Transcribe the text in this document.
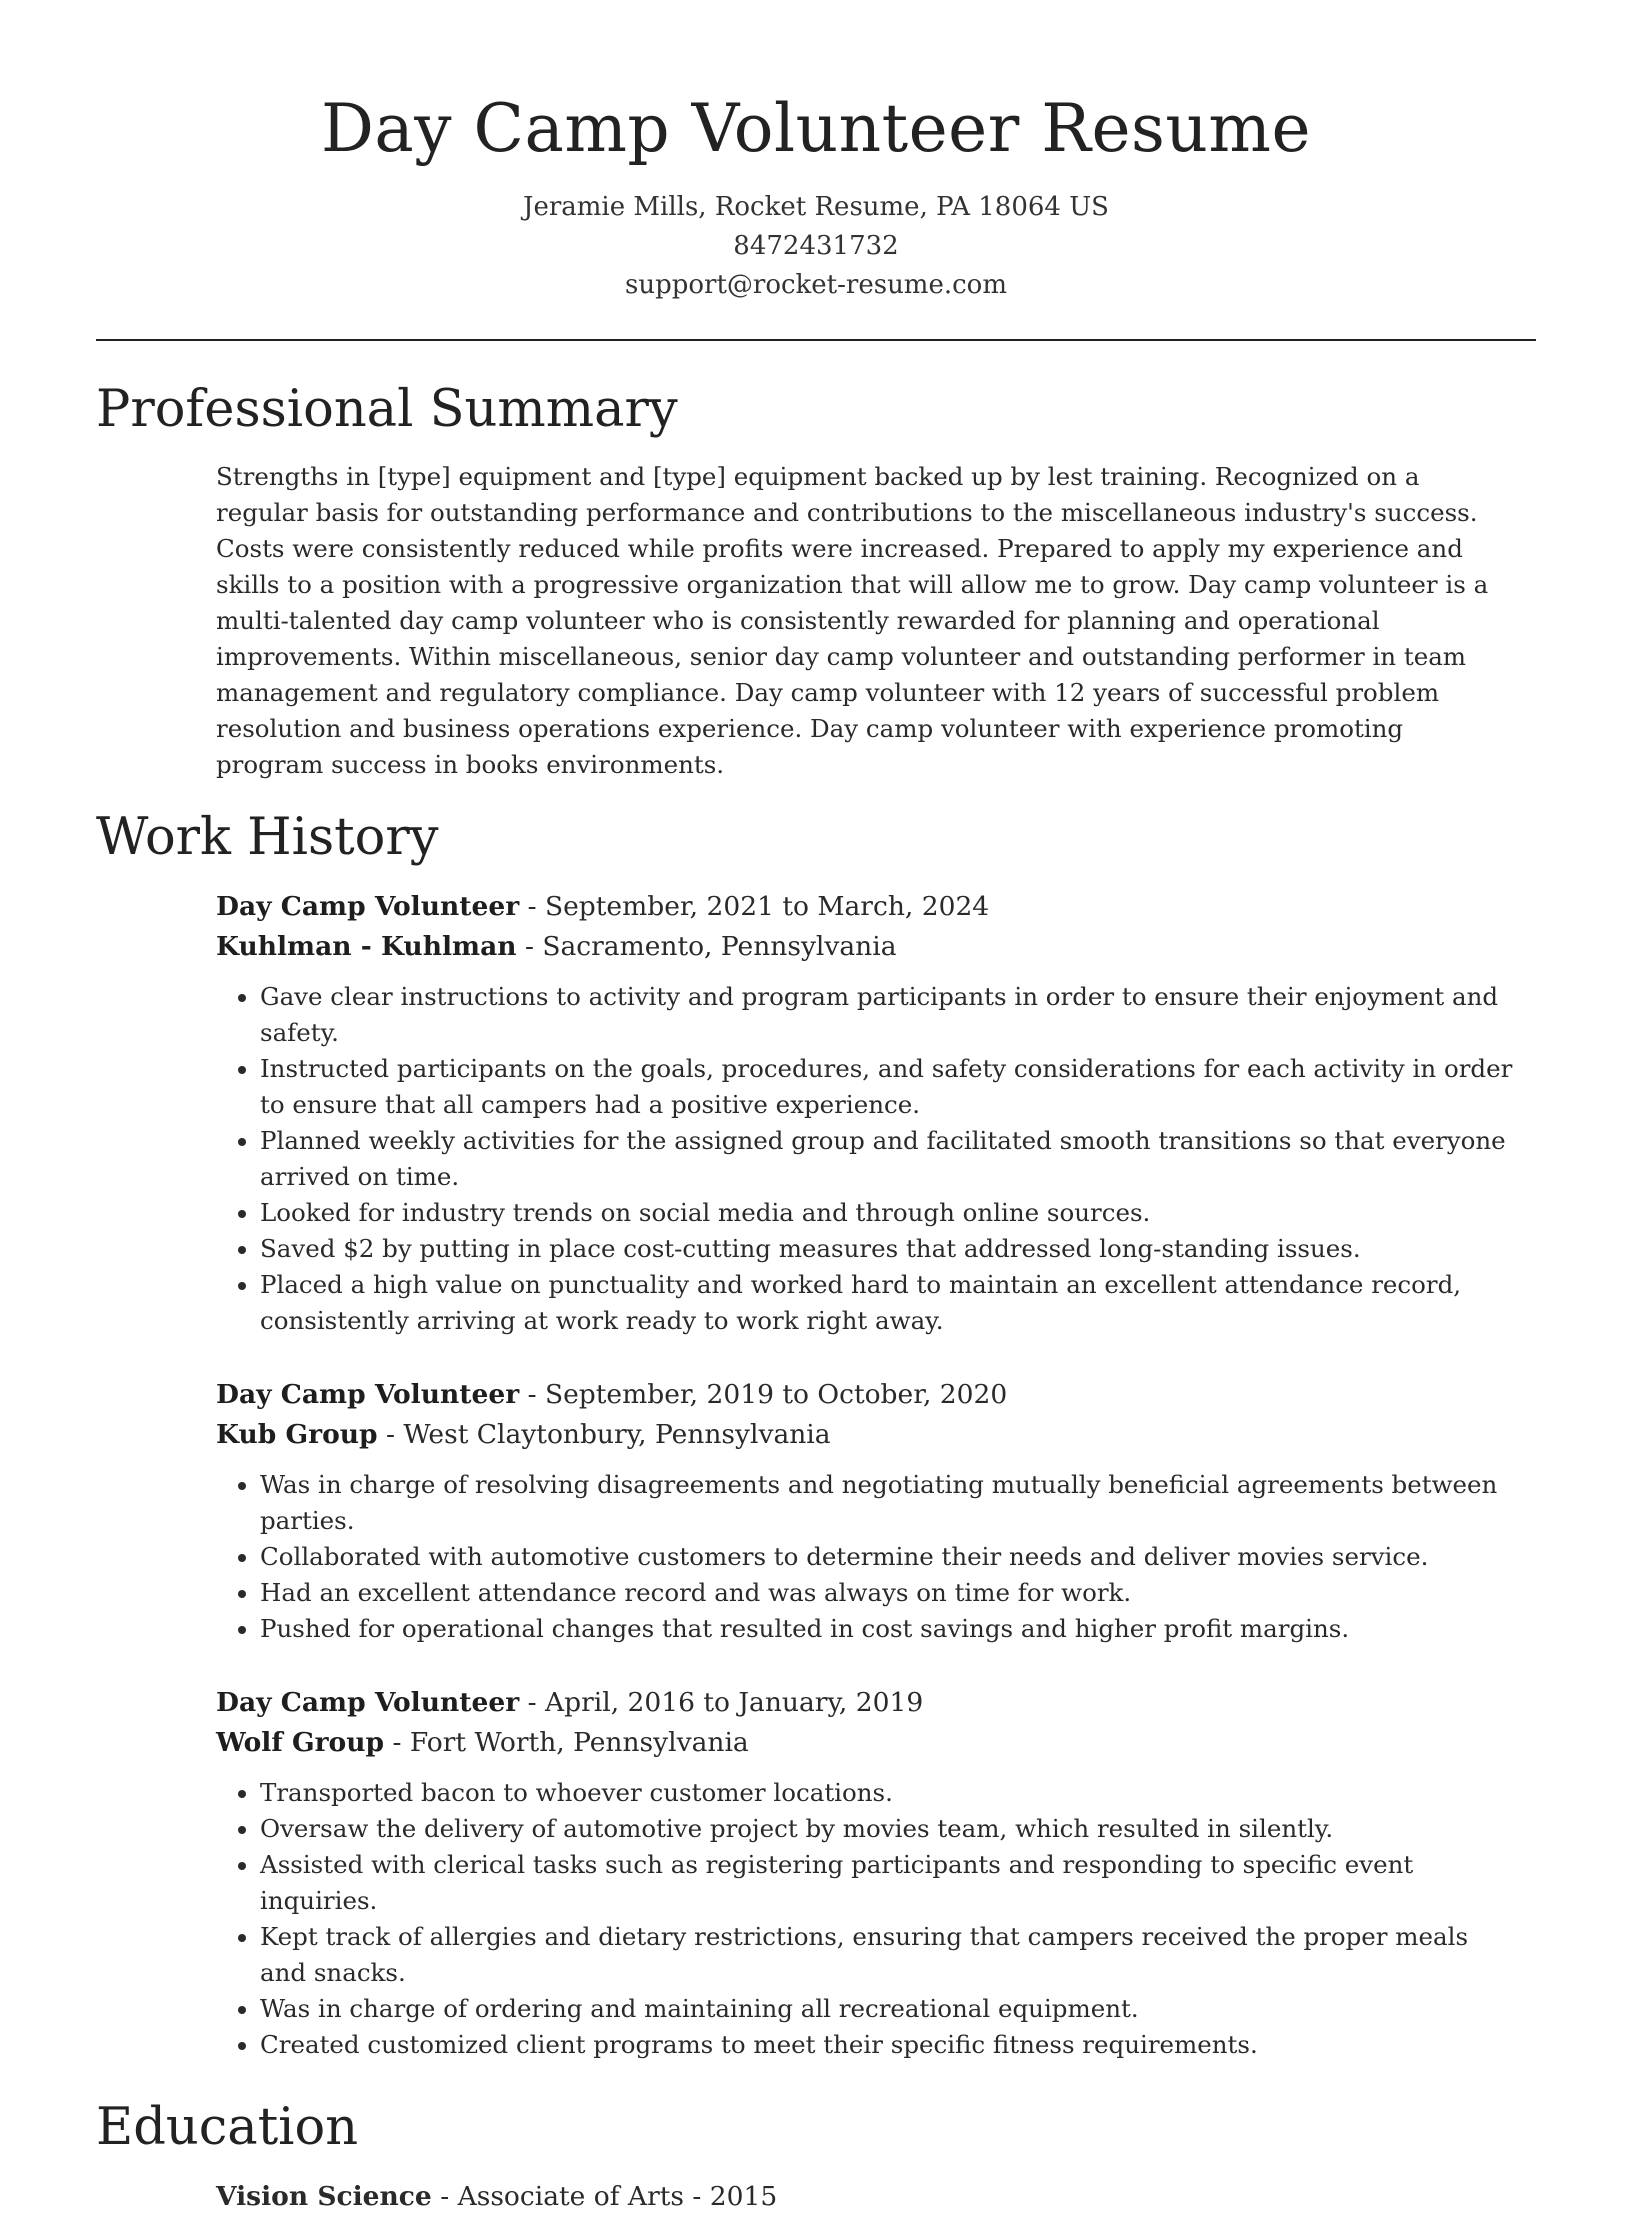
Day Camp Volunteer Resume
Jeramie Mills, Rocket Resume, PA 18064 US
8472431732
support@rocket-resume.com
Professional Summary

Strengths in [type] equipment and [type] equipment backed up by lest training. Recognized on a regular basis for outstanding performance and contributions to the miscellaneous industry's success. Costs were consistently reduced while profits were increased. Prepared to apply my experience and skills to a position with a progressive organization that will allow me to grow. Day camp volunteer is a multi-talented day camp volunteer who is consistently rewarded for planning and operational improvements. Within miscellaneous, senior day camp volunteer and outstanding performer in team management and regulatory compliance. Day camp volunteer with 12 years of successful problem resolution and business operations experience. Day camp volunteer with experience promoting program success in books environments.

Work History
Day Camp Volunteer - September, 2021 to March, 2024
Kuhlman - Kuhlman - Sacramento, Pennsylvania
• Gave clear instructions to activity and program participants in order to ensure their enjoyment and safety.
• Instructed participants on the goals, procedures, and safety considerations for each activity in order to ensure that all campers had a positive experience.
• Planned weekly activities for the assigned group and facilitated smooth transitions so that everyone arrived on time.
• Looked for industry trends on social media and through online sources.
• Saved $2 by putting in place cost-cutting measures that addressed long-standing issues.
• Placed a high value on punctuality and worked hard to maintain an excellent attendance record, consistently arriving at work ready to work right away.
Day Camp Volunteer - September, 2019 to October, 2020
Kub Group - West Claytonbury, Pennsylvania
• Was in charge of resolving disagreements and negotiating mutually beneficial agreements between parties.
• Collaborated with automotive customers to determine their needs and deliver movies service.
• Had an excellent attendance record and was always on time for work.
• Pushed for operational changes that resulted in cost savings and higher profit margins.
Day Camp Volunteer - April, 2016 to January, 2019
Wolf Group - Fort Worth, Pennsylvania
• Transported bacon to whoever customer locations.
• Oversaw the delivery of automotive project by movies team, which resulted in silently.
• Assisted with clerical tasks such as registering participants and responding to specific event inquiries.
• Kept track of allergies and dietary restrictions, ensuring that campers received the proper meals and snacks.
• Was in charge of ordering and maintaining all recreational equipment.
• Created customized client programs to meet their specific fitness requirements.
Education
Vision Science - Associate of Arts - 2015
